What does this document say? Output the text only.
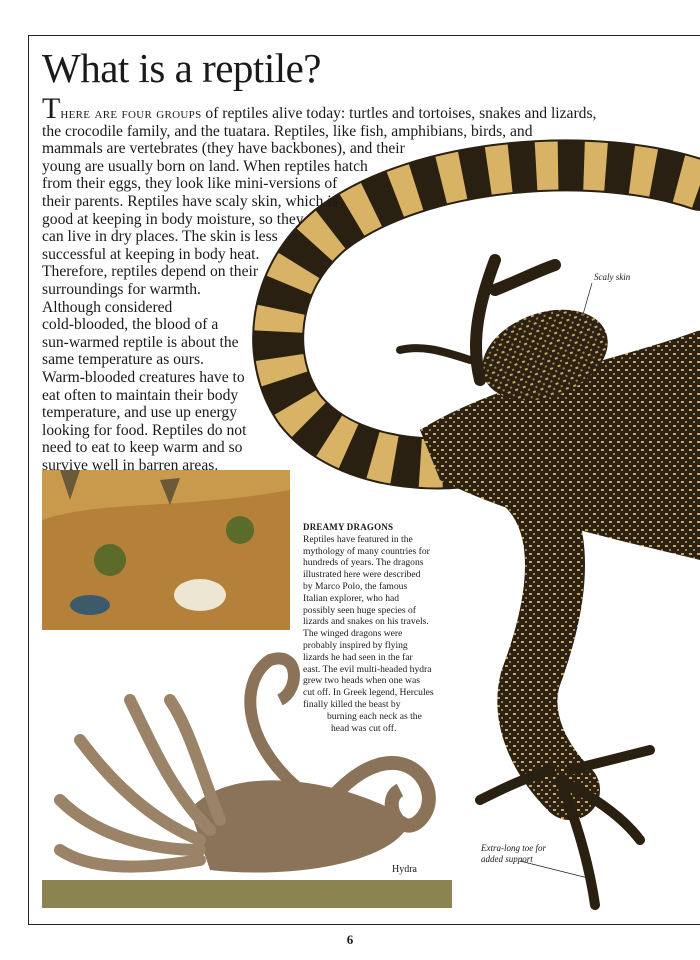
What is a reptile?
There are four groups of reptiles alive today: turtles and tortoises, snakes and lizards,
the crocodile family, and the tuatara. Reptiles, like fish, amphibians, birds, and
mammals are vertebrates (they have backbones), and their
young are usually born on land. When reptiles hatch
from their eggs, they look like mini-versions of
their parents. Reptiles have scaly skin, which is
good at keeping in body moisture, so they
can live in dry places. The skin is less
successful at keeping in body heat.
Therefore, reptiles depend on their
surroundings for warmth.
Although considered
cold-blooded, the blood of a
sun-warmed reptile is about the
same temperature as ours.
Warm-blooded creatures have to
eat often to maintain their body
temperature, and use up energy
looking for food. Reptiles do not
need to eat to keep warm and so
survive well in barren areas.
DREAMY DRAGONS
Reptiles have featured in the
mythology of many countries for
hundreds of years. The dragons
illustrated here were described
by Marco Polo, the famous
Italian explorer, who had
possibly seen huge species of
lizards and snakes on his travels.
The winged dragons were
probably inspired by flying
lizards he had seen in the far
east. The evil multi-headed hydra
grew two heads when one was
cut off. In Greek legend, Hercules
finally killed the beast by
burning each neck as the
head was cut off.
Scaly skin
Extra-long toe for
added support
Hydra
6
